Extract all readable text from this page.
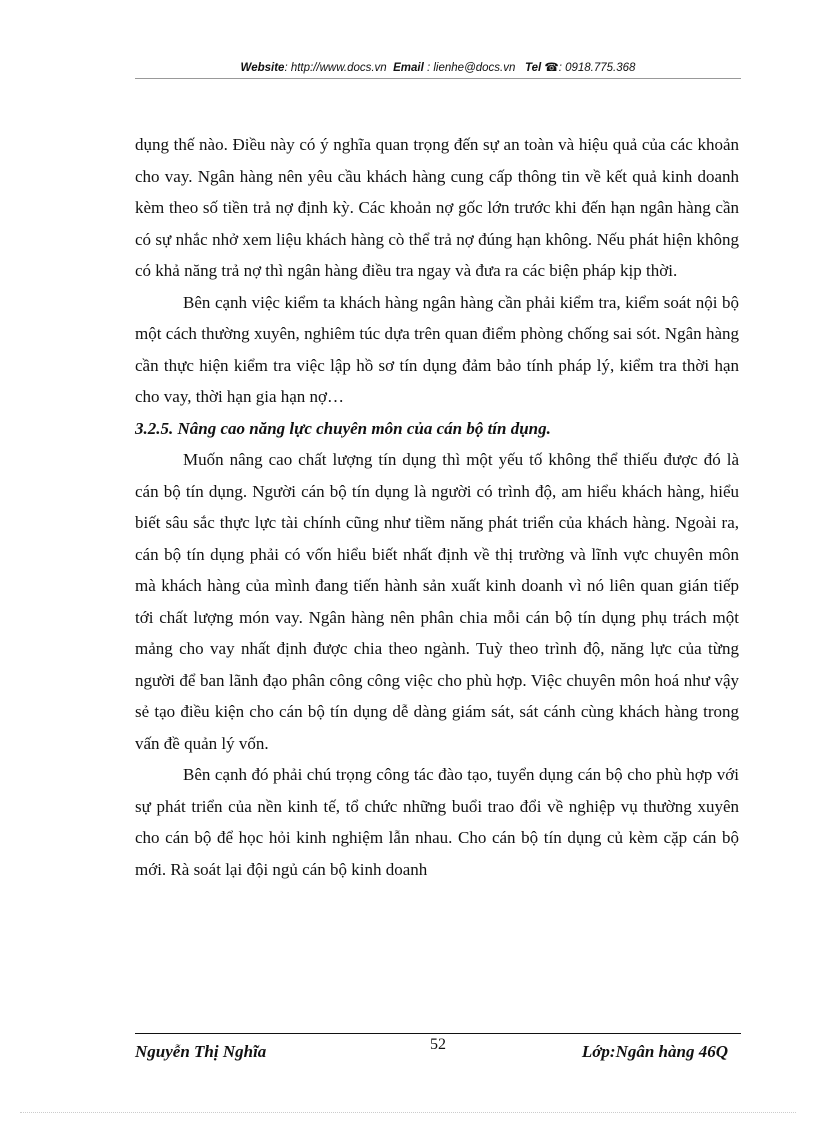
Website: http://www.docs.vn Email : lienhe@docs.vn Tel ☎: 0918.775.368

dụng thế nào. Điều này có ý nghĩa quan trọng đến sự an toàn và hiệu quả của các khoản cho vay. Ngân hàng nên yêu cầu khách hàng cung cấp thông tin về kết quả kinh doanh kèm theo số tiền trả nợ định kỳ. Các khoản nợ gốc lớn trước khi đến hạn ngân hàng cần có sự nhắc nhở xem liệu khách hàng cò thể trả nợ đúng hạn không. Nếu phát hiện không có khả năng trả nợ thì ngân hàng điều tra ngay và đưa ra các biện pháp kịp thời.

Bên cạnh việc kiểm ta khách hàng ngân hàng cần phải kiểm tra, kiểm soát nội bộ một cách thường xuyên, nghiêm túc dựa trên quan điểm phòng chống sai sót. Ngân hàng cần thực hiện kiểm tra việc lập hồ sơ tín dụng đảm bảo tính pháp lý, kiểm tra thời hạn cho vay, thời hạn gia hạn nợ…

3.2.5. Nâng cao năng lực chuyên môn của cán bộ tín dụng.

Muốn nâng cao chất lượng tín dụng thì một yếu tố không thể thiếu được đó là cán bộ tín dụng. Người cán bộ tín dụng là người có trình độ, am hiểu khách hàng, hiểu biết sâu sắc thực lực tài chính cũng như tiềm năng phát triển của khách hàng. Ngoài ra, cán bộ tín dụng phải có vốn hiểu biết nhất định về thị trường và lĩnh vực chuyên môn mà khách hàng của mình đang tiến hành sản xuất kinh doanh vì nó liên quan gián tiếp tới chất lượng món vay. Ngân hàng nên phân chia mỗi cán bộ tín dụng phụ trách một mảng cho vay nhất định được chia theo ngành. Tuỳ theo trình độ, năng lực của từng người để ban lãnh đạo phân công công việc cho phù hợp. Việc chuyên môn hoá như vậy sẻ tạo điều kiện cho cán bộ tín dụng dễ dàng giám sát, sát cánh cùng khách hàng trong vấn đề quản lý vốn.

Bên cạnh đó phải chú trọng công tác đào tạo, tuyển dụng cán bộ cho phù hợp với sự phát triển của nền kinh tế, tổ chức những buổi trao đổi về nghiệp vụ thường xuyên cho cán bộ để học hỏi kinh nghiệm lẫn nhau. Cho cán bộ tín dụng củ kèm cặp cán bộ mới. Rà soát lại đội ngủ cán bộ kinh doanh

Nguyễn Thị Nghĩa	52	Lớp:Ngân hàng 46Q
